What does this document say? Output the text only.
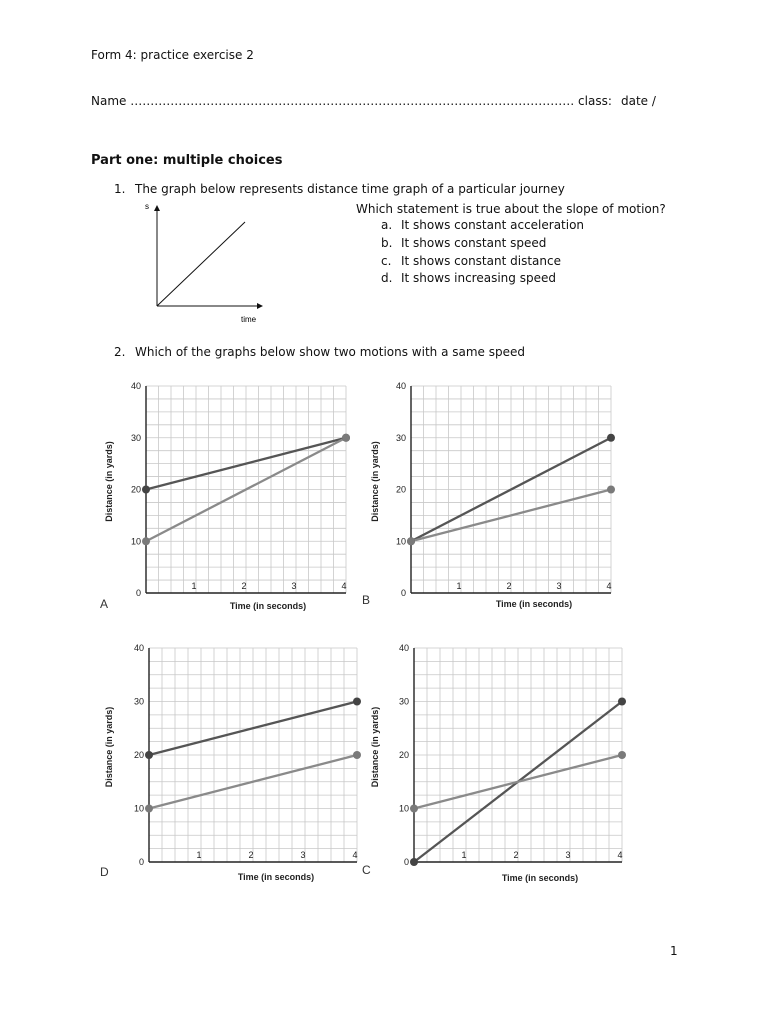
Form 4: practice exercise 2
Name ………………………………………………………………………………………………… class: date /
Part one: multiple choices
1. The graph below represents distance time graph of a particular journey
Which statement is true about the slope of motion?
a. It shows constant acceleration
b. It shows constant speed
c. It shows constant distance
d. It shows increasing speed
s
time
2. Which of the graphs below show two motions with a same speed
0
10
20
30
40
1	2	3	4
Time (in seconds)
Distance (in yards)
A
0
10
20
30
40
1	2	3	4
Time (in seconds)
Distance (in yards)
B
0
10
20
30
40
1	2	3	4
Time (in seconds)
Distance (in yards)
D
0
10
20
30
40
1	2	3	4
Time (in seconds)
Distance (in yards)
C
1
